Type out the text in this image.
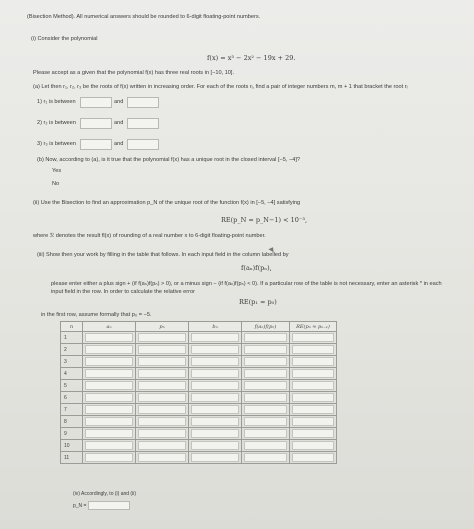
(Bisection Method). All numerical answers should be rounded to 6-digit floating-point numbers.
(i) Consider the polynomial
f(x) = x³ − 2x² − 19x + 29.
Please accept as a given that the polynomial f(x) has three real roots in [−10, 10].
(a) Let then r₁, r₂, r₃ be the roots of f(x) written in increasing order. For each of the roots rᵢ, find a pair of integer numbers m, m + 1 that bracket the root rᵢ
1) r₁ is between	and
2) r₂ is between	and
3) r₃ is between	and
(b) Now, according to (a), is it true that the polynomial f(x) has a unique root in the closed interval [−5, −4]?
Yes
No
(ii) Use the Bisection to find an approximation p_N of the unique root of the function f(x) in [−5, −4] satisfying
RE(p_N ≈ p_N−1) < 10⁻³,
where ℛ denotes the result fl(x) of rounding of a real number x to 6-digit floating-point number.
(iii) Show then your work by filling in the table that follows. In each input field in the column labelled by
f(aₙ)f(pₙ),
please enter either a plus sign + (if f(aₙ)f(pₙ) > 0), or a minus sign − (if f(aₙ)f(pₙ) < 0). If a particular row of the table is not necessary, enter an asterisk * in each
input field in the row. In order to calculate the relative error
RE(p₁ ≈ p₀)
in the first row, assume formally that p₀ = −5.
n	aₙ	pₙ	bₙ	f(aₙ)f(pₙ)	RE(pₙ ≈ pₙ₋₁)
1	

2	

3	

4	

5	

6	

7	

8	

9	

10	

11	

(iv) Accordingly, to (i) and (ii)
p_N =
